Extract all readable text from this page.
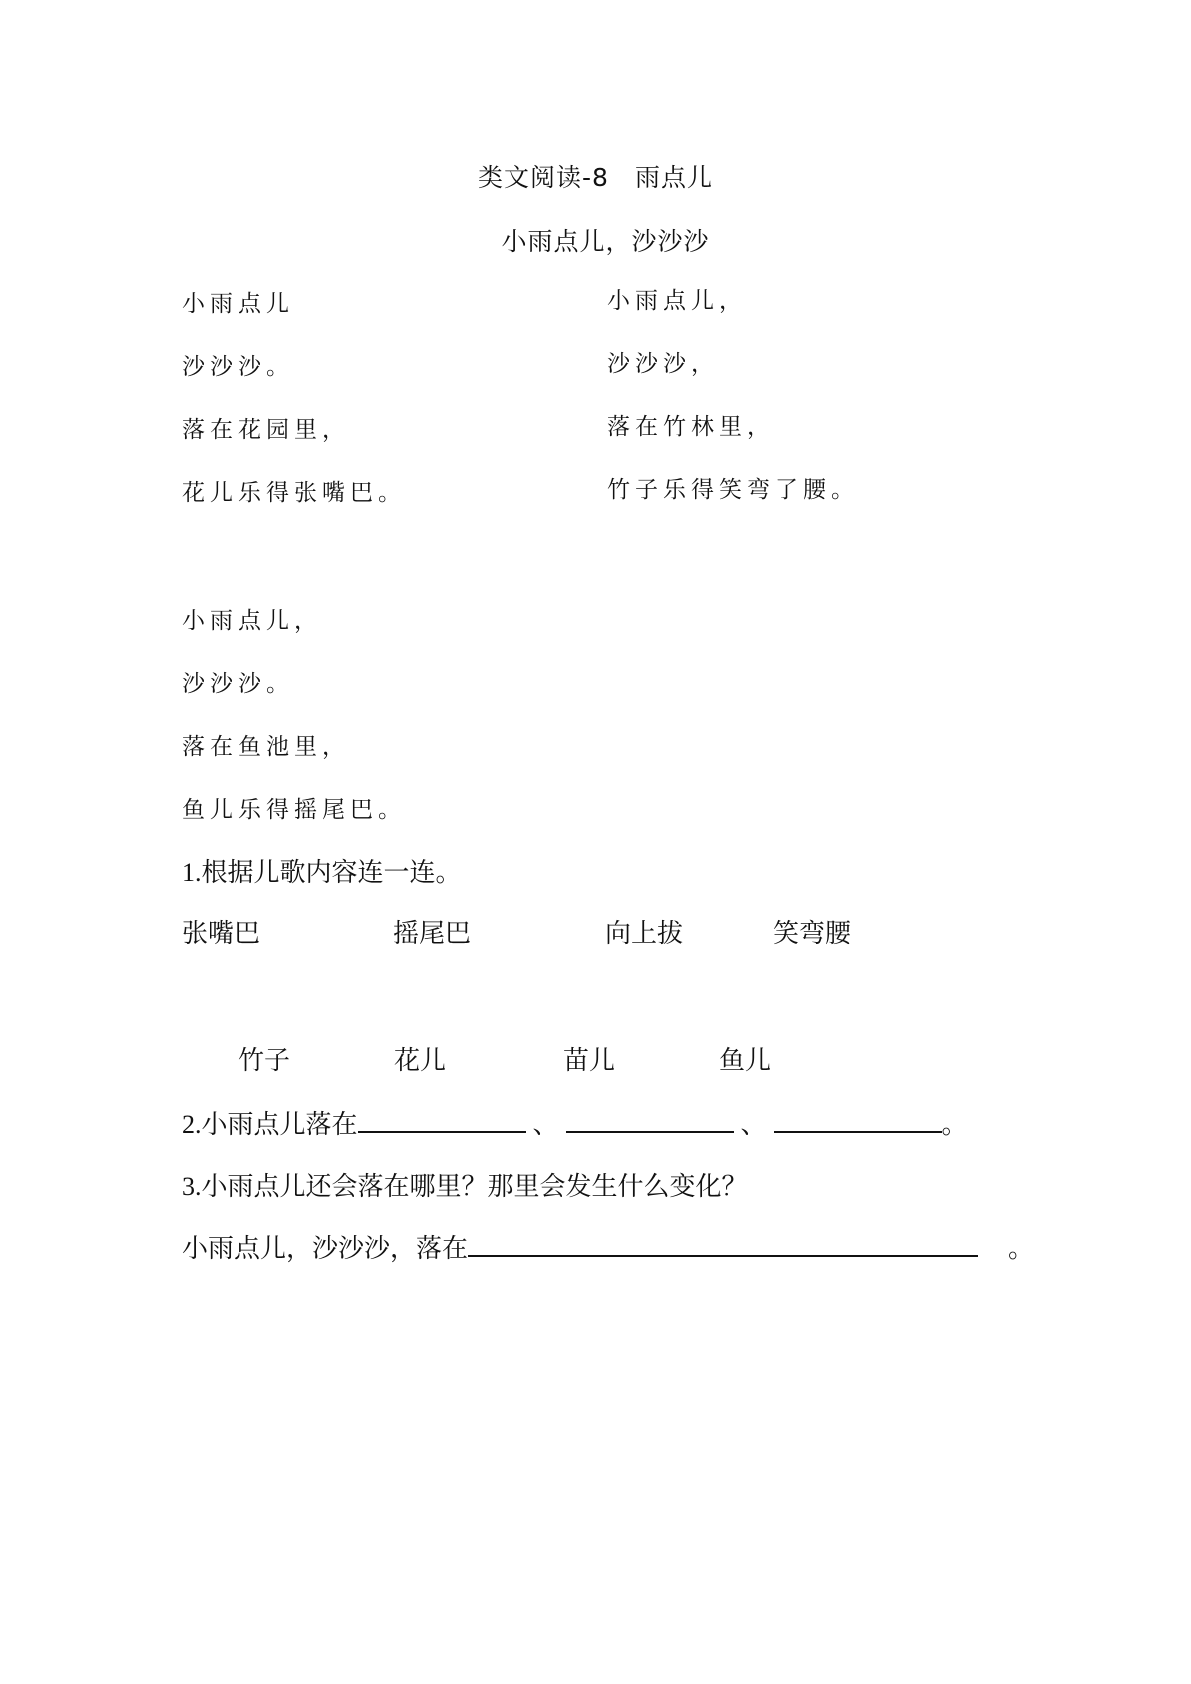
类文阅读-8　雨点儿
小雨点儿，沙沙沙
小雨点儿
沙沙沙。
落在花园里，
花儿乐得张嘴巴。
小雨点儿，
沙沙沙，
落在竹林里，
竹子乐得笑弯了腰。
小雨点儿，
沙沙沙。
落在鱼池里，
鱼儿乐得摇尾巴。
1.根据儿歌内容连一连。
张嘴巴	摇尾巴	向上拔	笑弯腰
竹子	花儿	苗儿	鱼儿
2.小雨点儿落在	、	、	。
3.小雨点儿还会落在哪里？那里会发生什么变化？
小雨点儿，沙沙沙，落在	。
